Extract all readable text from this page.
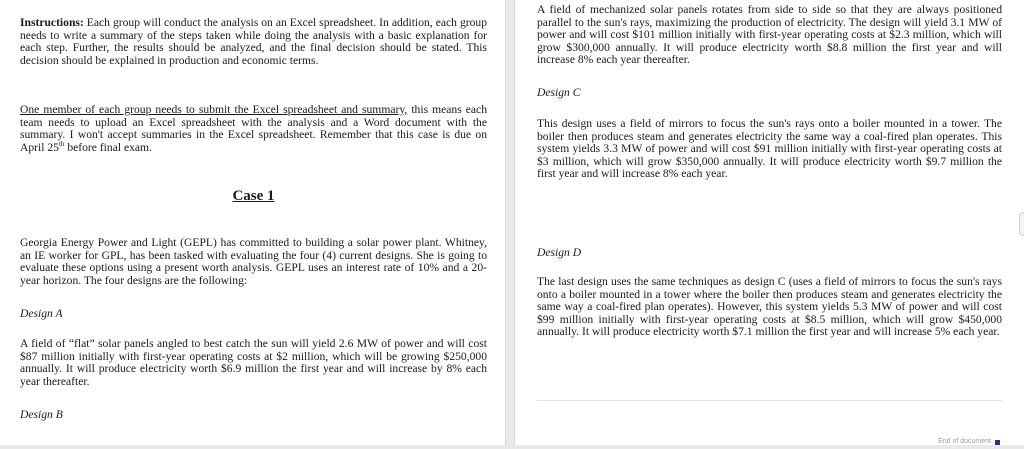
Instructions: Each group will conduct the analysis on an Excel spreadsheet. In addition, each group needs to write a summary of the steps taken while doing the analysis with a basic explanation for each step. Further, the results should be analyzed, and the final decision should be stated. This decision should be explained in production and economic terms.

One member of each group needs to submit the Excel spreadsheet and summary, this means each team needs to upload an Excel spreadsheet with the analysis and a Word document with the summary. I won't accept summaries in the Excel spreadsheet. Remember that this case is due on April 25th before final exam.

Case 1

Georgia Energy Power and Light (GEPL) has committed to building a solar power plant. Whitney, an IE worker for GPL, has been tasked with evaluating the four (4) current designs. She is going to evaluate these options using a present worth analysis. GEPL uses an interest rate of 10% and a 20-year horizon. The four designs are the following:

Design A

A field of “flat” solar panels angled to best catch the sun will yield 2.6 MW of power and will cost $87 million initially with first-year operating costs at $2 million, which will be growing $250,000 annually. It will produce electricity worth $6.9 million the first year and will increase by 8% each year thereafter.

Design B

A field of mechanized solar panels rotates from side to side so that they are always positioned parallel to the sun's rays, maximizing the production of electricity. The design will yield 3.1 MW of power and will cost $101 million initially with first-year operating costs at $2.3 million, which will grow $300,000 annually. It will produce electricity worth $8.8 million the first year and will increase 8% each year thereafter.

Design C

This design uses a field of mirrors to focus the sun's rays onto a boiler mounted in a tower. The boiler then produces steam and generates electricity the same way a coal-fired plan operates. This system yields 3.3 MW of power and will cost $91 million initially with first-year operating costs at $3 million, which will grow $350,000 annually. It will produce electricity worth $9.7 million the first year and will increase 8% each year.

Design D

The last design uses the same techniques as design C (uses a field of mirrors to focus the sun's rays onto a boiler mounted in a tower where the boiler then produces steam and generates electricity the same way a coal-fired plan operates). However, this system yields 5.3 MW of power and will cost $99 million initially with first-year operating costs at $8.5 million, which will grow $450,000 annually. It will produce electricity worth $7.1 million the first year and will increase 5% each year.

End of document
